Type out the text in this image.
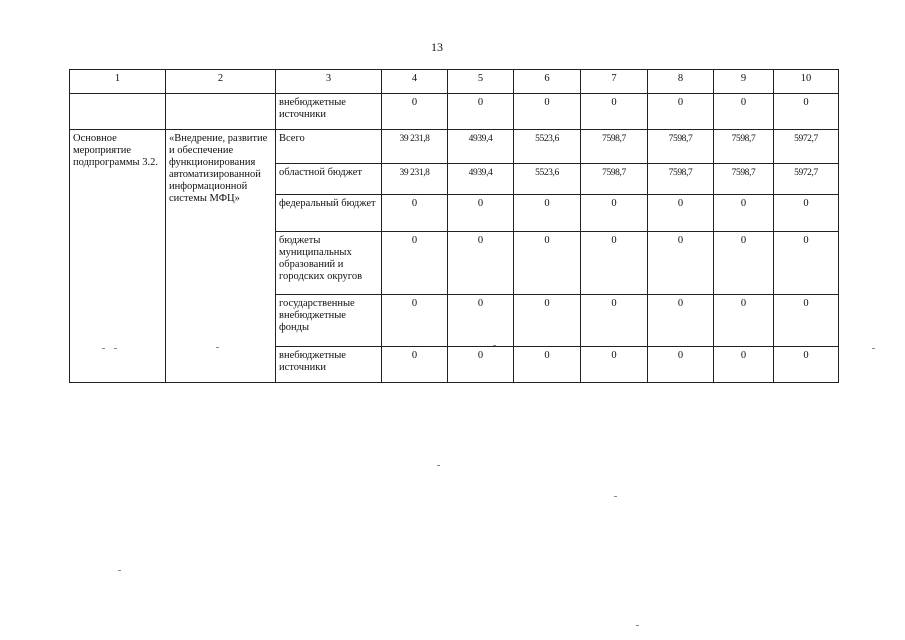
13
1	2	3	4	5	6	7	8	9	10
		внебюджетные источники	0	0	0	0	0	0	0
Основное мероприятие подпрограммы 3.2.	«Внедрение, развитие и обеспечение функционирования автоматизированной информационной системы МФЦ»	Всего	39 231,8	4939,4	5523,6	7598,7	7598,7	7598,7	5972,7
		областной бюджет	39 231,8	4939,4	5523,6	7598,7	7598,7	7598,7	5972,7
		федеральный бюджет	0	0	0	0	0	0	0
		бюджеты муниципальных образований и городских округов	0	0	0	0	0	0	0
		государственные внебюджетные фонды	0	0	0	0	0	0	0
		внебюджетные источники	0	0	0	0	0	0	0
